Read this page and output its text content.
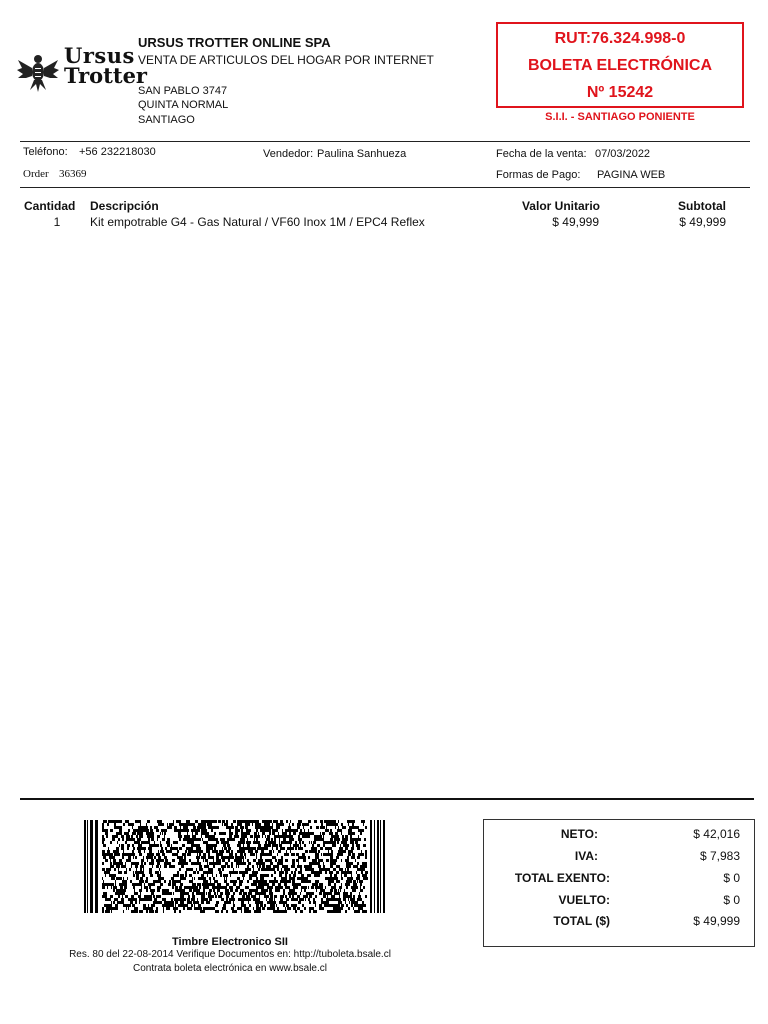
Ursus
Trotter
URSUS TROTTER ONLINE SPA
VENTA DE ARTICULOS DEL HOGAR POR INTERNET
SAN PABLO 3747
QUINTA NORMAL
SANTIAGO
RUT:76.324.998-0
BOLETA ELECTRÓNICA
Nº 15242
S.I.I. - SANTIAGO PONIENTE
Teléfono: +56 232218030	Vendedor: Paulina Sanhueza	Fecha de la venta: 07/03/2022
Order 36369	Formas de Pago: PAGINA WEB
Cantidad Descripción	Valor Unitario	Subtotal
1	Kit empotrable G4 - Gas Natural / VF60 Inox 1M / EPC4 Reflex	$ 49,999	$ 49,999
Timbre Electronico SII
Res. 80 del 22-08-2014 Verifique Documentos en: http://tuboleta.bsale.cl
Contrata boleta electrónica en www.bsale.cl
NETO:	$ 42,016
IVA:	$ 7,983
TOTAL EXENTO:	$ 0
VUELTO:	$ 0
TOTAL ($)	$ 49,999
